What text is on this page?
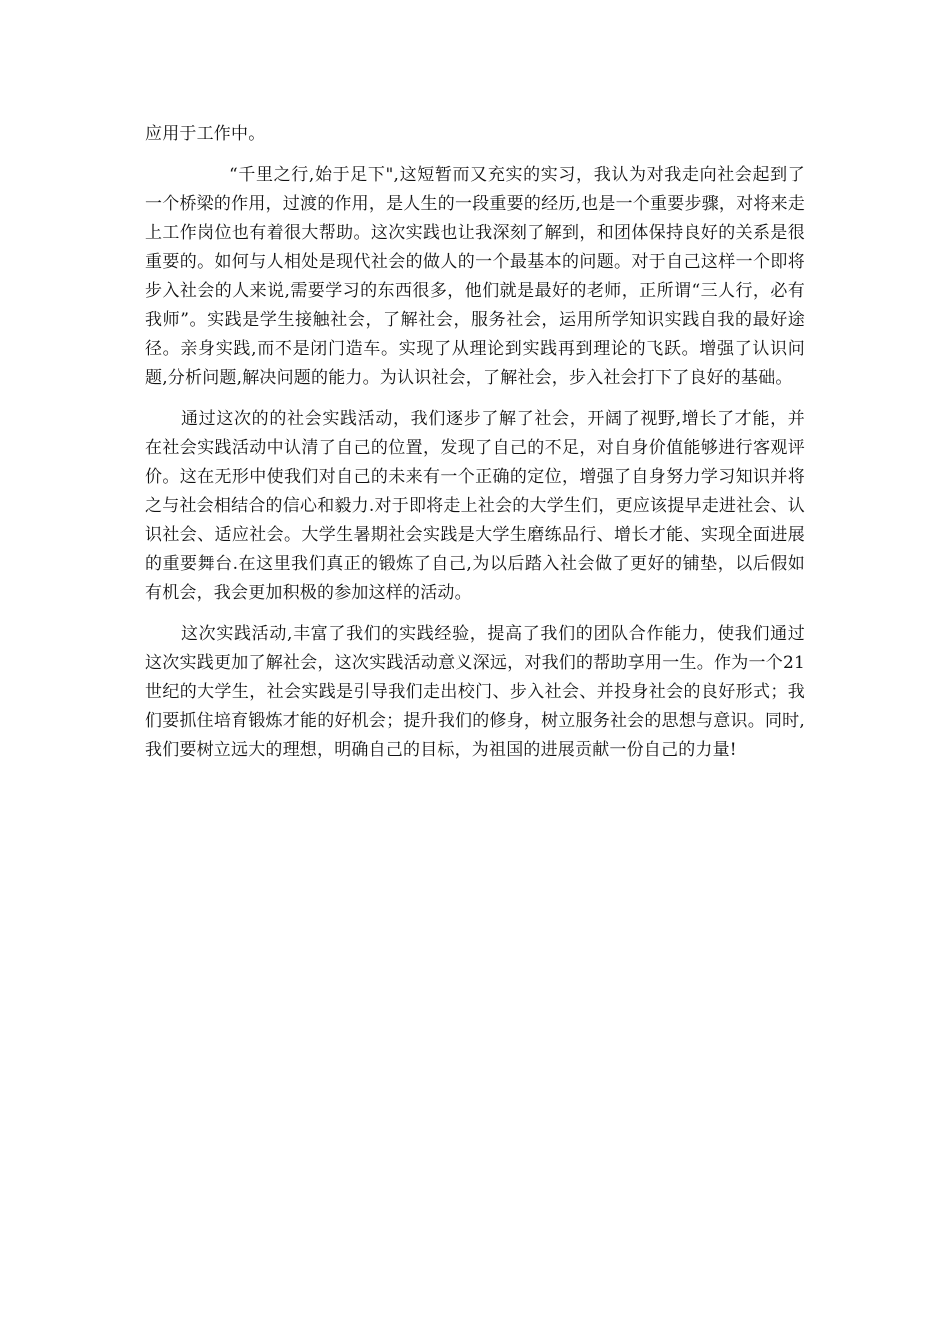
应用于工作中。

“千里之行,始于足下",这短暂而又充实的实习，我认为对我走向社会起到了一个桥梁的作用，过渡的作用，是人生的一段重要的经历,也是一个重要步骤，对将来走上工作岗位也有着很大帮助。这次实践也让我深刻了解到，和团体保持良好的关系是很重要的。如何与人相处是现代社会的做人的一个最基本的问题。对于自己这样一个即将步入社会的人来说,需要学习的东西很多，他们就是最好的老师，正所谓“三人行，必有我师”。实践是学生接触社会，了解社会，服务社会，运用所学知识实践自我的最好途径。亲身实践,而不是闭门造车。实现了从理论到实践再到理论的飞跃。增强了认识问题,分析问题,解决问题的能力。为认识社会，了解社会，步入社会打下了良好的基础。

通过这次的的社会实践活动，我们逐步了解了社会，开阔了视野,增长了才能，并在社会实践活动中认清了自己的位置，发现了自己的不足，对自身价值能够进行客观评价。这在无形中使我们对自己的未来有一个正确的定位，增强了自身努力学习知识并将之与社会相结合的信心和毅力.对于即将走上社会的大学生们，更应该提早走进社会、认识社会、适应社会。大学生暑期社会实践是大学生磨练品行、增长才能、实现全面进展的重要舞台.在这里我们真正的锻炼了自己,为以后踏入社会做了更好的铺垫，以后假如有机会，我会更加积极的参加这样的活动。

这次实践活动,丰富了我们的实践经验，提高了我们的团队合作能力，使我们通过这次实践更加了解社会，这次实践活动意义深远，对我们的帮助享用一生。作为一个21世纪的大学生，社会实践是引导我们走出校门、步入社会、并投身社会的良好形式；我们要抓住培育锻炼才能的好机会；提升我们的修身，树立服务社会的思想与意识。同时,我们要树立远大的理想，明确自己的目标，为祖国的进展贡献一份自己的力量!
